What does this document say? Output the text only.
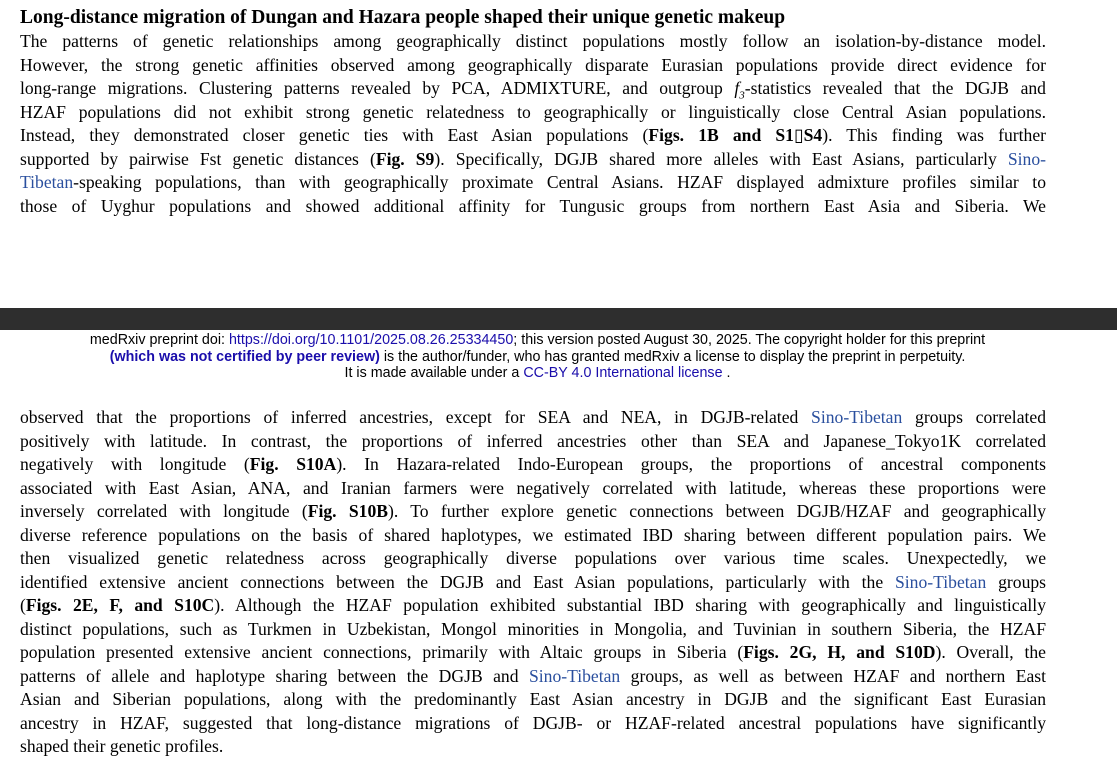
Long-distance migration of Dungan and Hazara people shaped their unique genetic makeup
The patterns of genetic relationships among geographically distinct populations mostly follow an isolation-by-distance model.
However, the strong genetic affinities observed among geographically disparate Eurasian populations provide direct evidence for
long-range migrations. Clustering patterns revealed by PCA, ADMIXTURE, and outgroup $f_3$-statistics revealed that the DGJB and
HZAF populations did not exhibit strong genetic relatedness to geographically or linguistically close Central Asian populations.
Instead, they demonstrated closer genetic ties with East Asian populations (Figs. 1B and S1▯S4). This finding was further
supported by pairwise Fst genetic distances (Fig. S9). Specifically, DGJB shared more alleles with East Asians, particularly Sino-
Tibetan-speaking populations, than with geographically proximate Central Asians. HZAF displayed admixture profiles similar to
those of Uyghur populations and showed additional affinity for Tungusic groups from northern East Asia and Siberia. We
medRxiv preprint doi: https://doi.org/10.1101/2025.08.26.25334450; this version posted August 30, 2025. The copyright holder for this preprint
(which was not certified by peer review) is the author/funder, who has granted medRxiv a license to display the preprint in perpetuity.
It is made available under a CC-BY 4.0 International license .
observed that the proportions of inferred ancestries, except for SEA and NEA, in DGJB-related Sino-Tibetan groups correlated
positively with latitude. In contrast, the proportions of inferred ancestries other than SEA and Japanese_Tokyo1K correlated
negatively with longitude (Fig. S10A). In Hazara-related Indo-European groups, the proportions of ancestral components
associated with East Asian, ANA, and Iranian farmers were negatively correlated with latitude, whereas these proportions were
inversely correlated with longitude (Fig. S10B). To further explore genetic connections between DGJB/HZAF and geographically
diverse reference populations on the basis of shared haplotypes, we estimated IBD sharing between different population pairs. We
then visualized genetic relatedness across geographically diverse populations over various time scales. Unexpectedly, we
identified extensive ancient connections between the DGJB and East Asian populations, particularly with the Sino-Tibetan groups
(Figs. 2E, F, and S10C). Although the HZAF population exhibited substantial IBD sharing with geographically and linguistically
distinct populations, such as Turkmen in Uzbekistan, Mongol minorities in Mongolia, and Tuvinian in southern Siberia, the HZAF
population presented extensive ancient connections, primarily with Altaic groups in Siberia (Figs. 2G, H, and S10D). Overall, the
patterns of allele and haplotype sharing between the DGJB and Sino-Tibetan groups, as well as between HZAF and northern East
Asian and Siberian populations, along with the predominantly East Asian ancestry in DGJB and the significant East Eurasian
ancestry in HZAF, suggested that long-distance migrations of DGJB- or HZAF-related ancestral populations have significantly
shaped their genetic profiles.
